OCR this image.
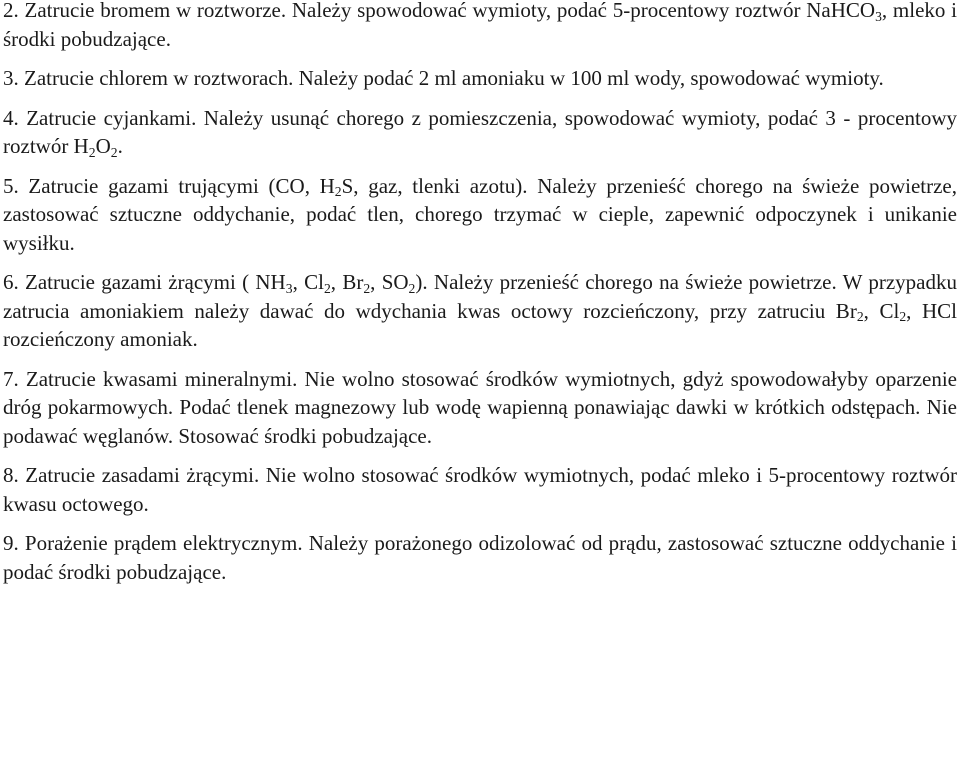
2. Zatrucie bromem w roztworze. Należy spowodować wymioty, podać 5-procentowy roztwór NaHCO$_3$, mleko i środki pobudzające.

3. Zatrucie chlorem w roztworach. Należy podać 2 ml amoniaku w 100 ml wody, spowodować wymioty.

4. Zatrucie cyjankami. Należy usunąć chorego z pomieszczenia, spowodować wymioty, podać 3 - procentowy roztwór $H_2O_2$.

5. Zatrucie gazami trującymi (CO, $H_2S$, gaz, tlenki azotu). Należy przenieść chorego na świeże powietrze, zastosować sztuczne oddychanie, podać tlen, chorego trzymać w cieple, zapewnić odpoczynek i unikanie wysiłku.

6. Zatrucie gazami żrącymi ( $NH_3$, $Cl_2$, $Br_2$, $SO_2$). Należy przenieść chorego na świeże powietrze. W przypadku zatrucia amoniakiem należy dawać do wdychania kwas octowy rozcieńczony, przy zatruciu $Br_2$, $Cl_2$, HCl rozcieńczony amoniak.

7. Zatrucie kwasami mineralnymi. Nie wolno stosować środków wymiotnych, gdyż spowodowałyby oparzenie dróg pokarmowych. Podać tlenek magnezowy lub wodę wapienną ponawiając dawki w krótkich odstępach. Nie podawać węglanów. Stosować środki pobudzające.

8. Zatrucie zasadami żrącymi. Nie wolno stosować środków wymiotnych, podać mleko i 5-procentowy roztwór kwasu octowego.

9. Porażenie prądem elektrycznym. Należy porażonego odizolować od prądu, zastosować sztuczne oddychanie i podać środki pobudzające.
